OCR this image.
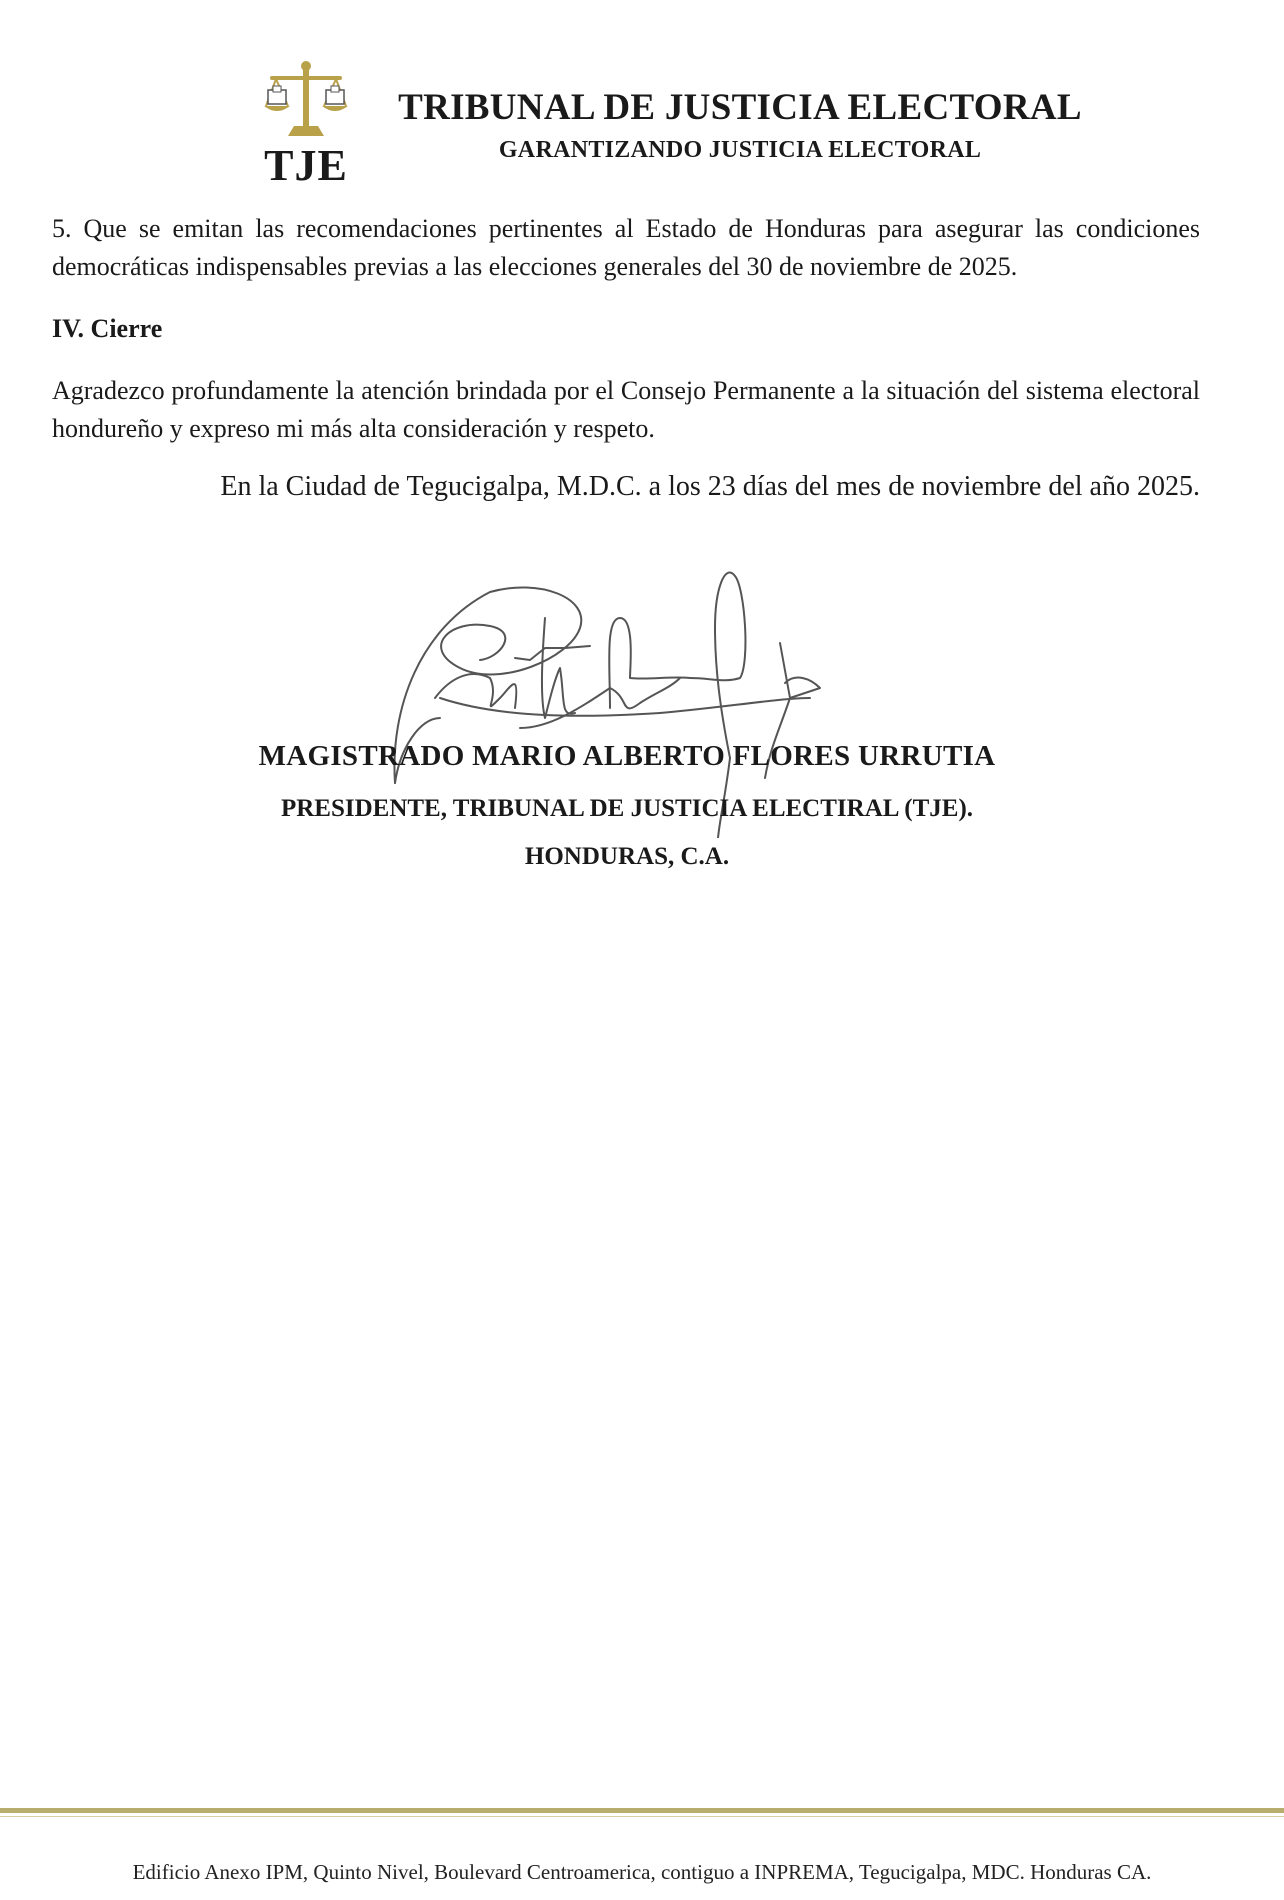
TJE
TRIBUNAL DE JUSTICIA ELECTORAL
GARANTIZANDO JUSTICIA ELECTORAL

5. Que se emitan las recomendaciones pertinentes al Estado de Honduras para asegurar las condiciones democráticas indispensables previas a las elecciones generales del 30 de noviembre de 2025.

IV. Cierre

Agradezco profundamente la atención brindada por el Consejo Permanente a la situación del sistema electoral hondureño y expreso mi más alta consideración y respeto.

En la Ciudad de Tegucigalpa, M.D.C. a los 23 días del mes de noviembre del año 2025.

MAGISTRADO MARIO ALBERTO FLORES URRUTIA
PRESIDENTE, TRIBUNAL DE JUSTICIA ELECTIRAL (TJE).
HONDURAS, C.A.
Edificio Anexo IPM, Quinto Nivel, Boulevard Centroamerica, contiguo a INPREMA, Tegucigalpa, MDC. Honduras CA.
